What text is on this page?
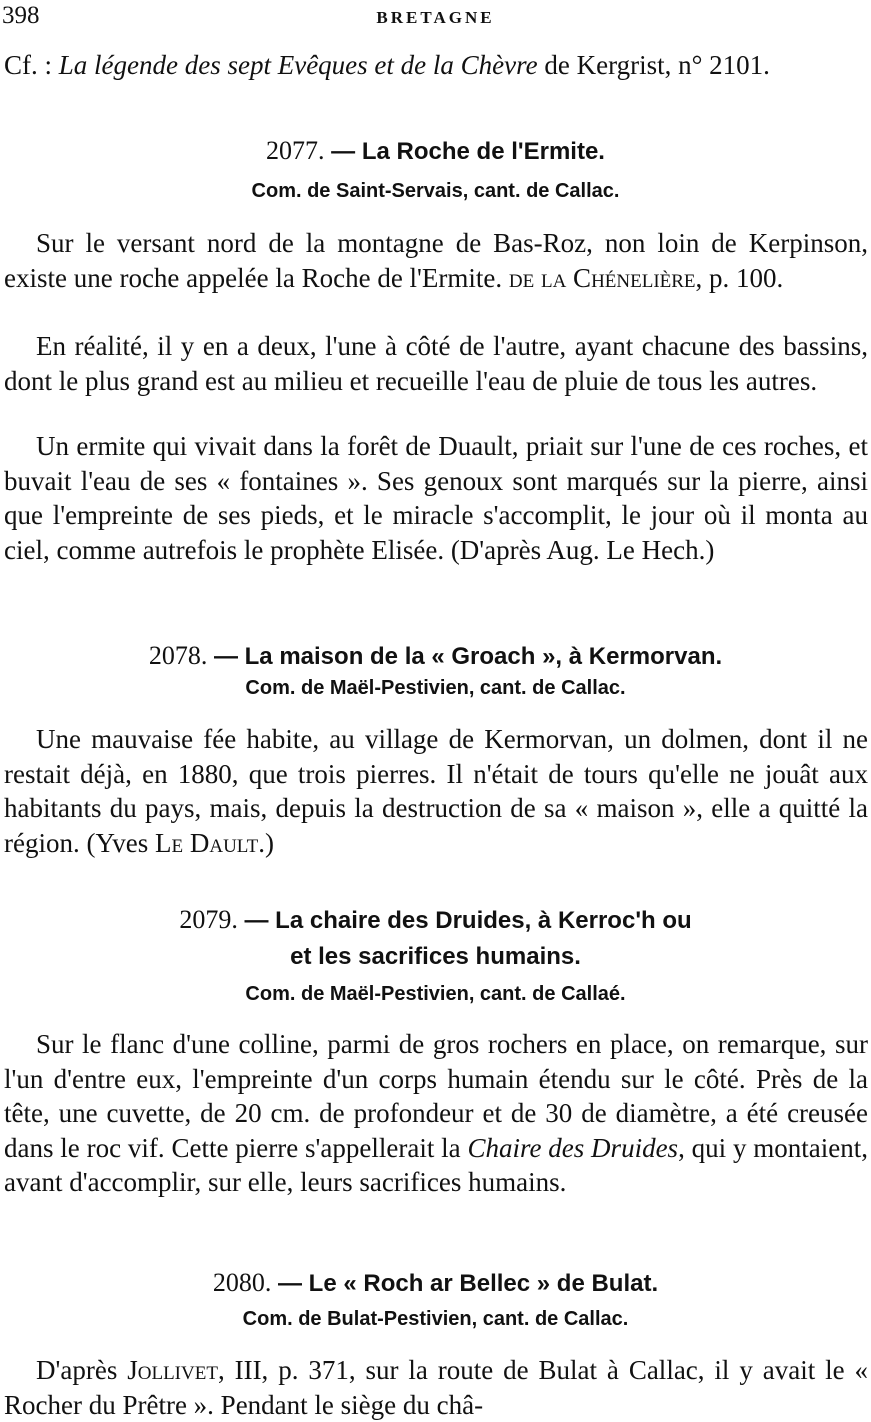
398	BRETAGNE
Cf. : La légende des sept Evêques et de la Chèvre de Kergrist, n° 2101.
2077. — La Roche de l'Ermite.
Com. de Saint-Servais, cant. de Callac.
Sur le versant nord de la montagne de Bas-Roz, non loin de Kerpinson, existe une roche appelée la Roche de l'Ermite. de la Chénelière, p. 100.
En réalité, il y en a deux, l'une à côté de l'autre, ayant chacune des bassins, dont le plus grand est au milieu et recueille l'eau de pluie de tous les autres.
Un ermite qui vivait dans la forêt de Duault, priait sur l'une de ces roches, et buvait l'eau de ses « fontaines ». Ses genoux sont marqués sur la pierre, ainsi que l'empreinte de ses pieds, et le miracle s'accomplit, le jour où il monta au ciel, comme autrefois le prophète Elisée. (D'après Aug. Le Hech.)
2078. — La maison de la « Groach », à Kermorvan.
Com. de Maël-Pestivien, cant. de Callac.
Une mauvaise fée habite, au village de Kermorvan, un dolmen, dont il ne restait déjà, en 1880, que trois pierres. Il n'était de tours qu'elle ne jouât aux habitants du pays, mais, depuis la destruction de sa « maison », elle a quitté la région. (Yves Le Dault.)
2079. — La chaire des Druides, à Kerroc'h ou
et les sacrifices humains.
Com. de Maël-Pestivien, cant. de Callaé.
Sur le flanc d'une colline, parmi de gros rochers en place, on remarque, sur l'un d'entre eux, l'empreinte d'un corps humain étendu sur le côté. Près de la tête, une cuvette, de 20 cm. de profondeur et de 30 de diamètre, a été creusée dans le roc vif. Cette pierre s'appellerait la Chaire des Druides, qui y montaient, avant d'accomplir, sur elle, leurs sacrifices humains.
2080. — Le « Roch ar Bellec » de Bulat.
Com. de Bulat-Pestivien, cant. de Callac.
D'après Jollivet, III, p. 371, sur la route de Bulat à Callac, il y avait le « Rocher du Prêtre ». Pendant le siège du châ-
